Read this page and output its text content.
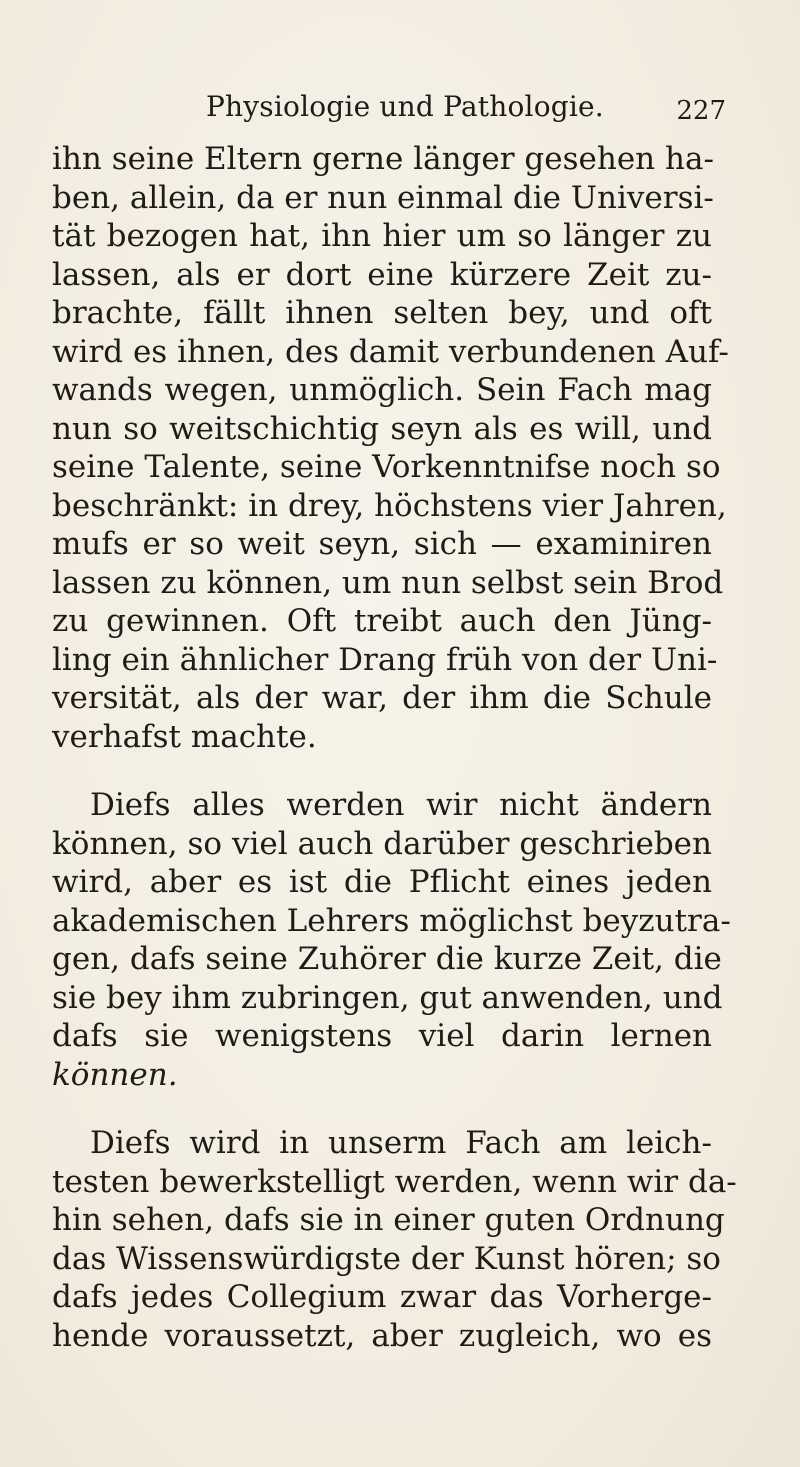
Physiologie und Pathologie.	227
ihn seine Eltern gerne länger gesehen ha-
ben, allein, da er nun einmal die Universi-
tät bezogen hat, ihn hier um so länger zu
lassen, als er dort eine kürzere Zeit zu-
brachte, fällt ihnen selten bey, und oft
wird es ihnen, des damit verbundenen Auf-
wands wegen, unmöglich. Sein Fach mag
nun so weitschichtig seyn als es will, und
seine Talente, seine Vorkenntnifse noch so
beschränkt: in drey, höchstens vier Jahren,
mufs er so weit seyn, sich — examiniren
lassen zu können, um nun selbst sein Brod
zu gewinnen. Oft treibt auch den Jüng-
ling ein ähnlicher Drang früh von der Uni-
versität, als der war, der ihm die Schule
verhafst machte.
Diefs alles werden wir nicht ändern
können, so viel auch darüber geschrieben
wird, aber es ist die Pflicht eines jeden
akademischen Lehrers möglichst beyzutra-
gen, dafs seine Zuhörer die kurze Zeit, die
sie bey ihm zubringen, gut anwenden, und
dafs sie wenigstens viel darin lernen
können.
Diefs wird in unserm Fach am leich-
testen bewerkstelligt werden, wenn wir da-
hin sehen, dafs sie in einer guten Ordnung
das Wissenswürdigste der Kunst hören; so
dafs jedes Collegium zwar das Vorherge-
hende voraussetzt, aber zugleich, wo es
